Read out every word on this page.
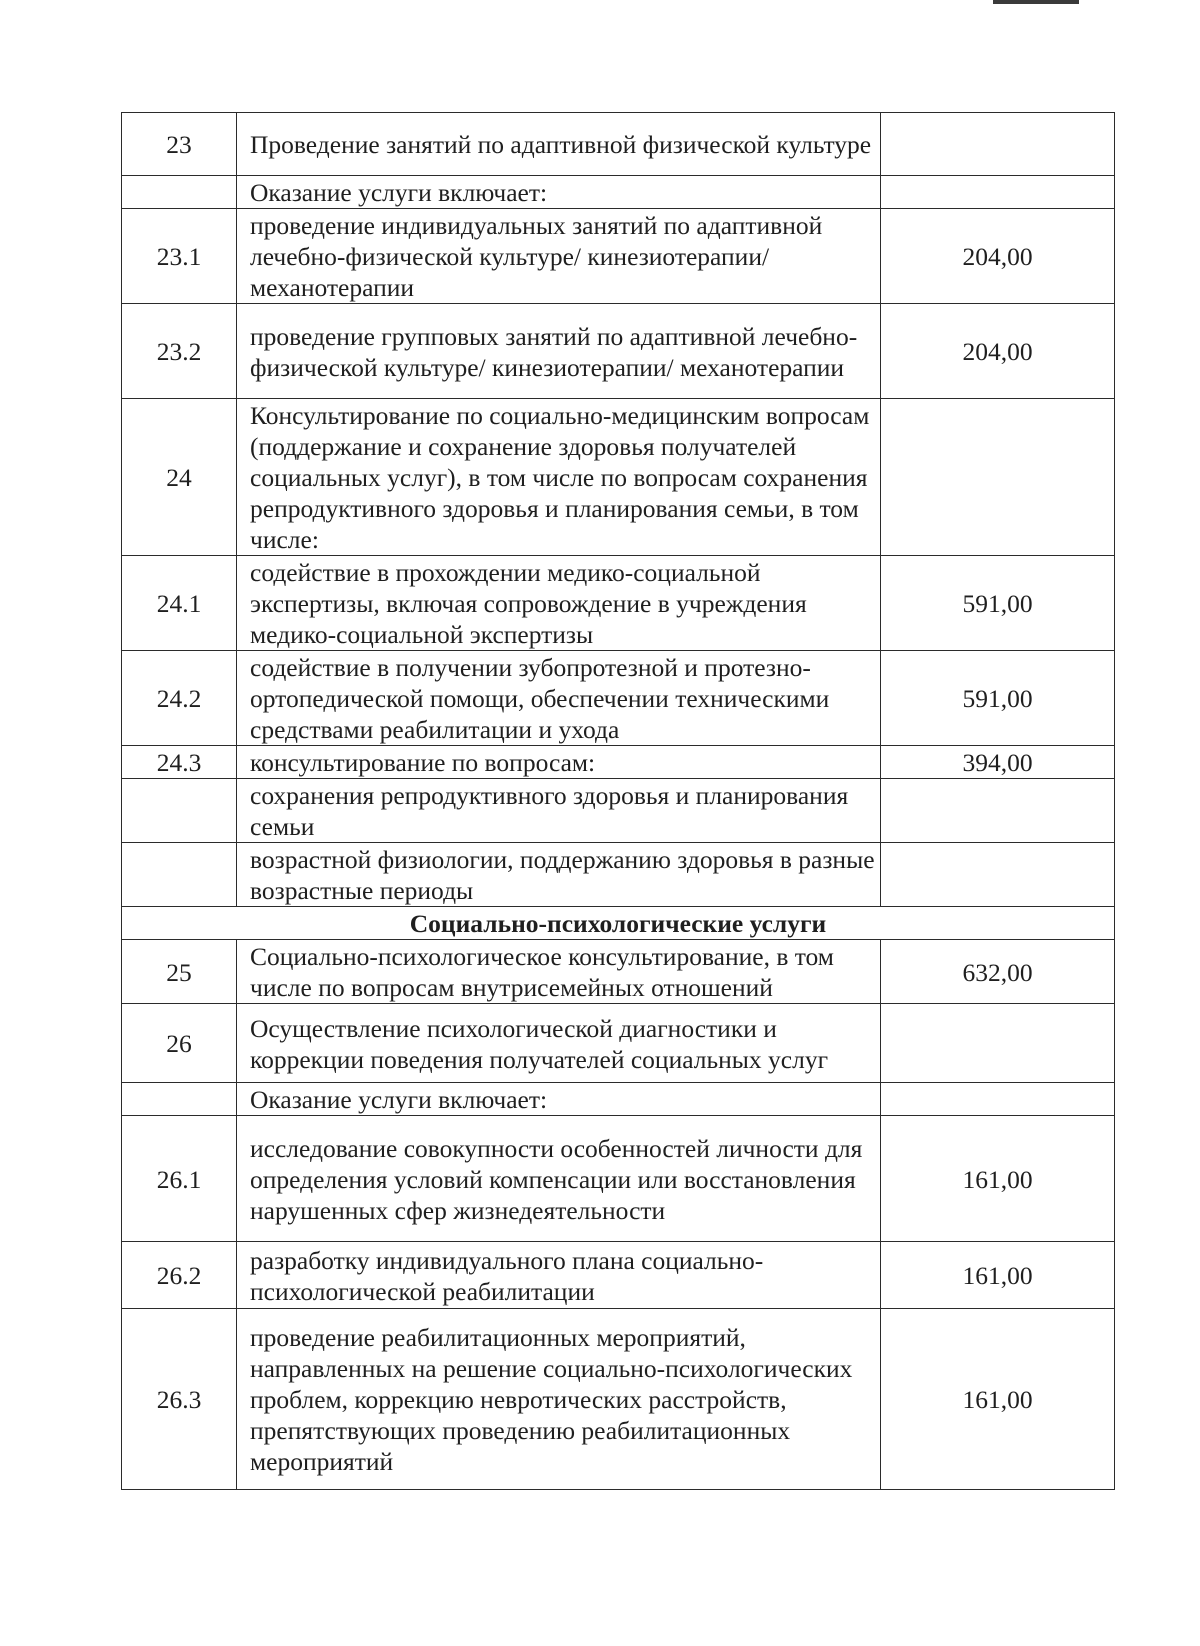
23	Проведение занятий по адаптивной физической культуре	
	Оказание услуги включает:	
23.1	проведение индивидуальных занятий по адаптивной лечебно-физической культуре/ кинезиотерапии/ механотерапии	204,00
23.2	проведение групповых занятий по адаптивной лечебно-физической культуре/ кинезиотерапии/ механотерапии	204,00
24	Консультирование по социально-медицинским вопросам (поддержание и сохранение здоровья получателей социальных услуг), в том числе по вопросам сохранения репродуктивного здоровья и планирования семьи, в том числе:	
24.1	содействие в прохождении медико-социальной экспертизы, включая сопровождение в учреждения медико-социальной экспертизы	591,00
24.2	содействие в получении зубопротезной и протезно-ортопедической помощи, обеспечении техническими средствами реабилитации и ухода	591,00
24.3	консультирование по вопросам:	394,00
	сохранения репродуктивного здоровья и планирования семьи	
	возрастной физиологии, поддержанию здоровья в разные возрастные периоды	
Социально-психологические услуги		
25	Социально-психологическое консультирование, в том числе по вопросам внутрисемейных отношений	632,00
26	Осуществление психологической диагностики и коррекции поведения получателей социальных услуг	
	Оказание услуги включает:	
26.1	исследование совокупности особенностей личности для определения условий компенсации или восстановления нарушенных сфер жизнедеятельности	161,00
26.2	разработку индивидуального плана социально-психологической реабилитации	161,00
26.3	проведение реабилитационных мероприятий, направленных на решение социально-психологических проблем, коррекцию невротических расстройств, препятствующих проведению реабилитационных мероприятий	161,00
